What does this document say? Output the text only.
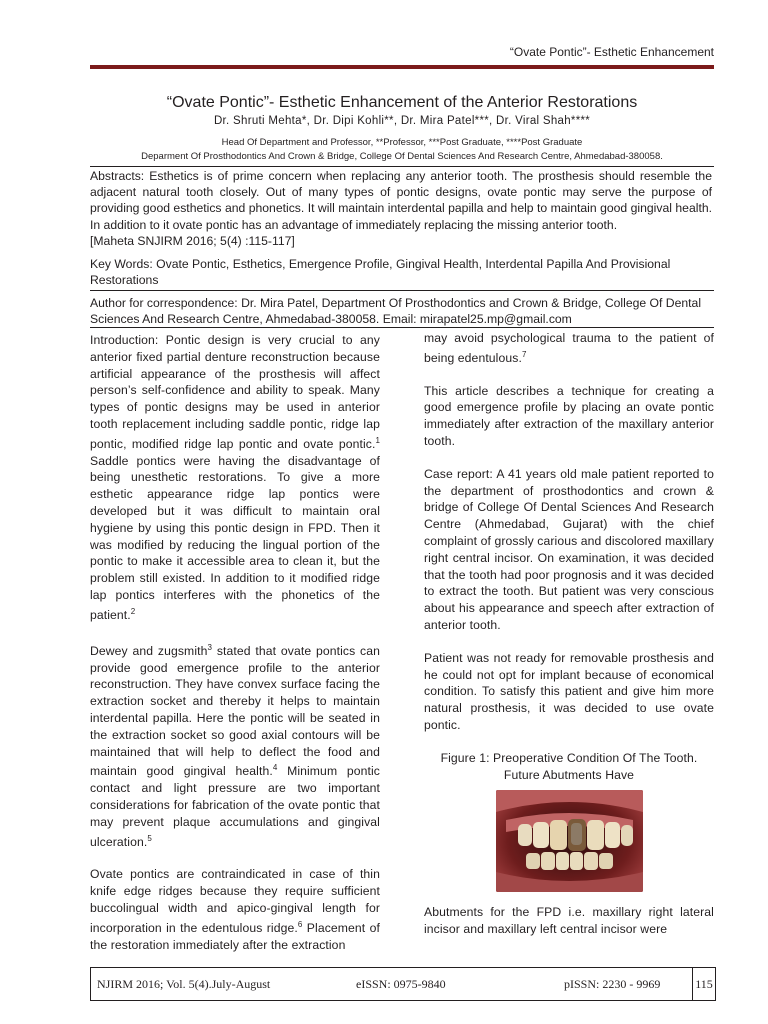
“Ovate Pontic”- Esthetic Enhancement
“Ovate Pontic”- Esthetic Enhancement of the Anterior Restorations
Dr. Shruti Mehta*, Dr. Dipi Kohli**, Dr. Mira Patel***, Dr. Viral Shah****
Head Of Department and Professor, **Professor, ***Post Graduate, ****Post Graduate
Deparment Of Prosthodontics And Crown & Bridge, College Of Dental Sciences And Research Centre, Ahmedabad-380058.
Abstracts: Esthetics is of prime concern when replacing any anterior tooth. The prosthesis should resemble the adjacent natural tooth closely. Out of many types of pontic designs, ovate pontic may serve the purpose of providing good esthetics and phonetics. It will maintain interdental papilla and help to maintain good gingival health. In addition to it ovate pontic has an advantage of immediately replacing the missing anterior tooth.
[Maheta SNJIRM 2016; 5(4) :115-117]
Key Words: Ovate Pontic, Esthetics, Emergence Profile, Gingival Health, Interdental Papilla And Provisional Restorations
Author for correspondence: Dr. Mira Patel, Department Of Prosthodontics and Crown & Bridge, College Of Dental Sciences And Research Centre, Ahmedabad-380058. Email: mirapatel25.mp@gmail.com

Introduction: Pontic design is very crucial to any anterior fixed partial denture reconstruction because artificial appearance of the prosthesis will affect person’s self-confidence and ability to speak. Many types of pontic designs may be used in anterior tooth replacement including saddle pontic, ridge lap pontic, modified ridge lap pontic and ovate pontic.$^1$ Saddle pontics were having the disadvantage of being unesthetic restorations. To give a more esthetic appearance ridge lap pontics were developed but it was difficult to maintain oral hygiene by using this pontic design in FPD. Then it was modified by reducing the lingual portion of the pontic to make it accessible area to clean it, but the problem still existed. In addition to it modified ridge lap pontics interferes with the phonetics of the patient.$^2$

Dewey and zugsmith$^3$ stated that ovate pontics can provide good emergence profile to the anterior reconstruction. They have convex surface facing the extraction socket and thereby it helps to maintain interdental papilla. Here the pontic will be seated in the extraction socket so good axial contours will be maintained that will help to deflect the food and maintain good gingival health.$^4$ Minimum pontic contact and light pressure are two important considerations for fabrication of the ovate pontic that may prevent plaque accumulations and gingival ulceration.$^5$

Ovate pontics are contraindicated in case of thin knife edge ridges because they require sufficient buccolingual width and apico-gingival length for incorporation in the edentulous ridge.$^6$ Placement of the restoration immediately after the extraction

may avoid psychological trauma to the patient of being edentulous.$^7$

This article describes a technique for creating a good emergence profile by placing an ovate pontic immediately after extraction of the maxillary anterior tooth.

Case report: A 41 years old male patient reported to the department of prosthodontics and crown & bridge of College Of Dental Sciences And Research Centre (Ahmedabad, Gujarat) with the chief complaint of grossly carious and discolored maxillary right central incisor. On examination, it was decided that the tooth had poor prognosis and it was decided to extract the tooth. But patient was very conscious about his appearance and speech after extraction of anterior tooth.

Patient was not ready for removable prosthesis and he could not opt for implant because of economical condition. To satisfy this patient and give him more natural prosthesis, it was decided to use ovate pontic.

Figure 1: Preoperative Condition Of The Tooth. Future Abutments Have

Abutments for the FPD i.e. maxillary right lateral incisor and maxillary left central incisor were

NJIRM 2016; Vol. 5(4).July-August	eISSN: 0975-9840	pISSN: 2230 - 9969	115
